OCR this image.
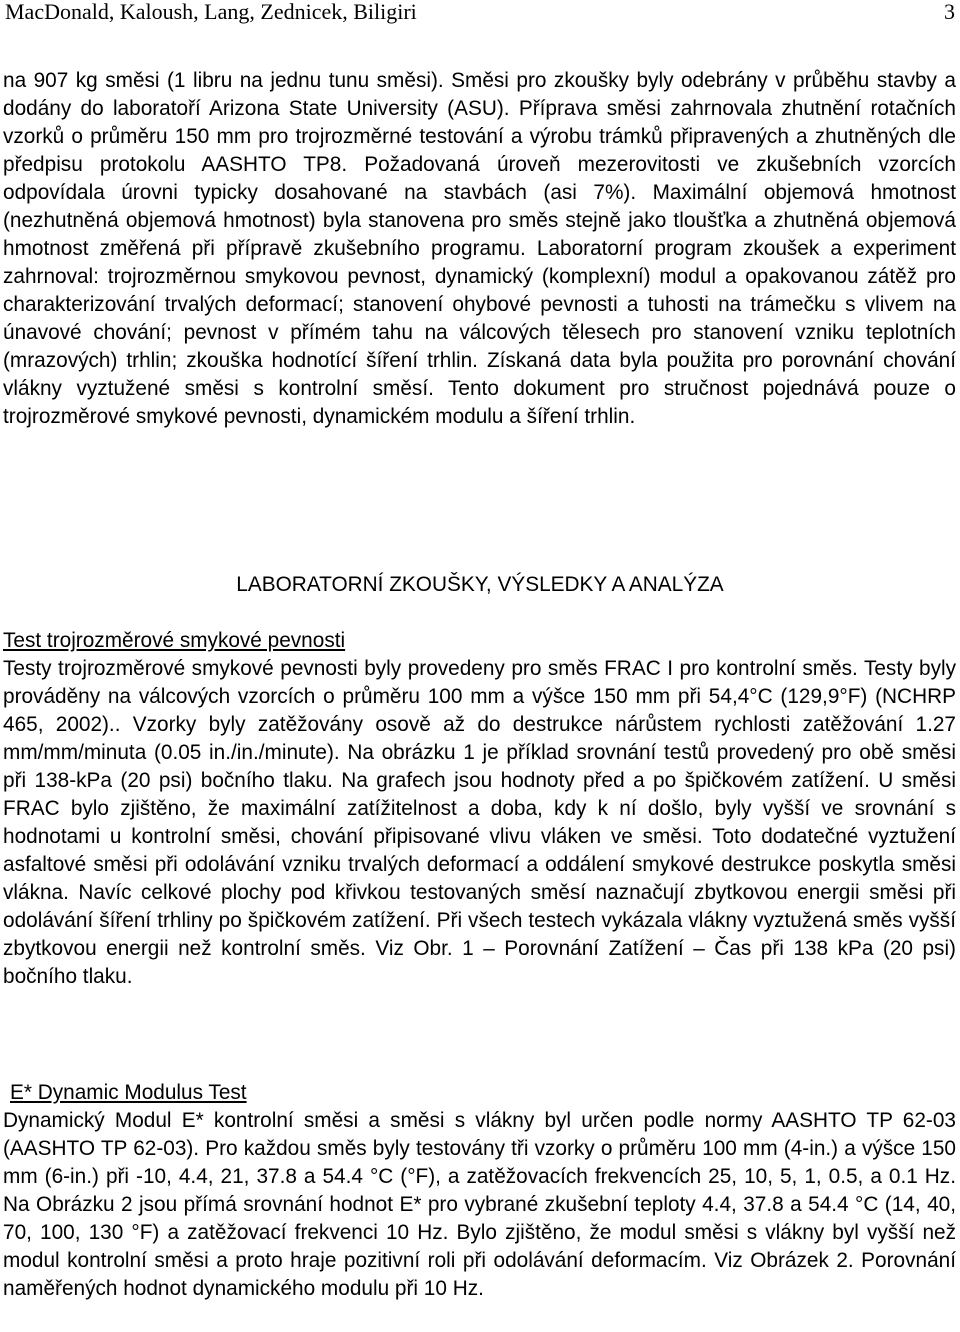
MacDonald, Kaloush, Lang, Zednicek, Biligiri	3
na 907 kg směsi (1 libru na jednu tunu směsi). Směsi pro zkoušky byly odebrány v průběhu stavby a dodány do laboratoří Arizona State University (ASU). Příprava směsi zahrnovala zhutnění rotačních vzorků o průměru 150 mm pro trojrozměrné testování a výrobu trámků připravených a zhutněných dle předpisu protokolu AASHTO TP8. Požadovaná úroveň mezerovitosti ve zkušebních vzorcích odpovídala úrovni typicky dosahované na stavbách (asi 7%). Maximální objemová hmotnost (nezhutněná objemová hmotnost) byla stanovena pro směs stejně jako tloušťka a zhutněná objemová hmotnost změřená při přípravě zkušebního programu. Laboratorní program zkoušek a experiment zahrnoval: trojrozměrnou smykovou pevnost, dynamický (komplexní) modul a opakovanou zátěž pro charakterizování trvalých deformací; stanovení ohybové pevnosti a tuhosti na trámečku s vlivem na únavové chování; pevnost v přímém tahu na válcových tělesech pro stanovení vzniku teplotních (mrazových) trhlin; zkouška hodnotící šíření trhlin. Získaná data byla použita pro porovnání chování vlákny vyztužené směsi s kontrolní směsí. Tento dokument pro stručnost pojednává pouze o trojrozměrové smykové pevnosti, dynamickém modulu a šíření trhlin.
LABORATORNÍ ZKOUŠKY, VÝSLEDKY A ANALÝZA
Test trojrozměrové smykové pevnosti
Testy trojrozměrové smykové pevnosti byly provedeny pro směs FRAC I pro kontrolní směs. Testy byly prováděny na válcových vzorcích o průměru 100 mm a výšce 150 mm při 54,4°C (129,9°F) (NCHRP 465, 2002).. Vzorky byly zatěžovány osově až do destrukce nárůstem rychlosti zatěžování 1.27 mm/mm/minuta (0.05 in./in./minute). Na obrázku 1 je příklad srovnání testů provedený pro obě směsi při 138-kPa (20 psi) bočního tlaku. Na grafech jsou hodnoty před a po špičkovém zatížení. U směsi FRAC bylo zjištěno, že maximální zatížitelnost a doba, kdy k ní došlo, byly vyšší ve srovnání s hodnotami u kontrolní směsi, chování připisované vlivu vláken ve směsi. Toto dodatečné vyztužení asfaltové směsi při odolávání vzniku trvalých deformací a oddálení smykové destrukce poskytla směsi vlákna. Navíc celkové plochy pod křivkou testovaných směsí naznačují zbytkovou energii směsi při odolávání šíření trhliny po špičkovém zatížení. Při všech testech vykázala vlákny vyztužená směs vyšší zbytkovou energii než kontrolní směs. Viz Obr. 1 – Porovnání Zatížení – Čas při 138 kPa (20 psi) bočního tlaku.
E* Dynamic Modulus Test
Dynamický Modul E* kontrolní směsi a směsi s vlákny byl určen podle normy AASHTO TP 62-03 (AASHTO TP 62-03). Pro každou směs byly testovány tři vzorky o průměru 100 mm (4-in.) a výšce 150 mm (6-in.) při -10, 4.4, 21, 37.8 a 54.4 °C (°F), a zatěžovacích frekvencích 25, 10, 5, 1, 0.5, a 0.1 Hz. Na Obrázku 2 jsou přímá srovnání hodnot E* pro vybrané zkušební teploty 4.4, 37.8 a 54.4 °C (14, 40, 70, 100, 130 °F) a zatěžovací frekvenci 10 Hz. Bylo zjištěno, že modul směsi s vlákny byl vyšší než modul kontrolní směsi a proto hraje pozitivní roli při odolávání deformacím. Viz Obrázek 2. Porovnání naměřených hodnot dynamického modulu při 10 Hz.
